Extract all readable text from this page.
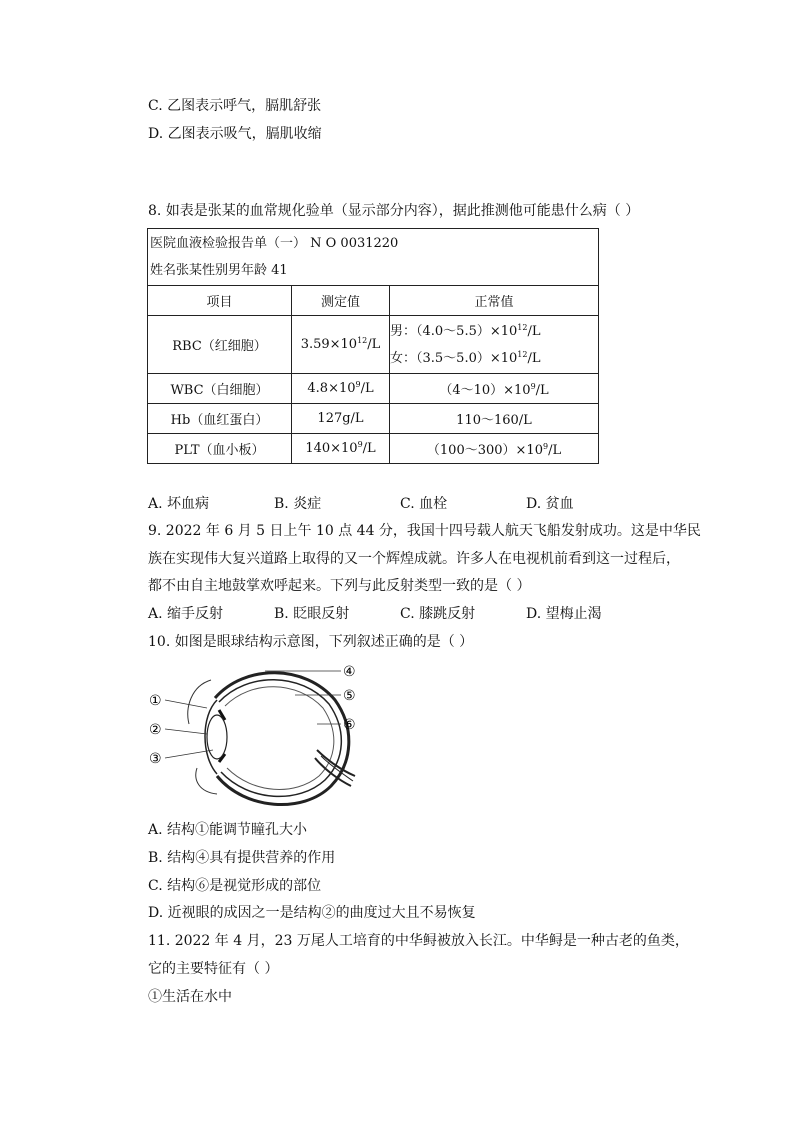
C. 乙图表示呼气，膈肌舒张
D. 乙图表示吸气，膈肌收缩
8. 如表是张某的血常规化验单（显示部分内容），据此推测他可能患什么病（ ）
医院血液检验报告单（一） N O 0031220
姓名张某性别男年龄 41		

项目	测定值	正常值
RBC（红细胞）	$3.59\times 10^{12}/L$	男：$(4.0\sim 5.5)\times 10^{12}/L$
女：$(3.5\sim 5.0)\times 10^{12}/L$

WBC（白细胞）	$4.8\times 10^9/L$	$(4\sim 10)\times 10^9/L$
Hb（血红蛋白）	127g/L	110～160/L
PLT（血小板）	$140\times 10^9/L$	$(100\sim 300)\times 10^9/L$
A. 坏血病	B. 炎症	C. 血栓	D. 贫血
9. 2022 年 6 月 5 日上午 10 点 44 分，我国十四号载人航天飞船发射成功。这是中华民
族在实现伟大复兴道路上取得的又一个辉煌成就。许多人在电视机前看到这一过程后，
都不由自主地鼓掌欢呼起来。下列与此反射类型一致的是（ ）
A. 缩手反射	B. 眨眼反射	C. 膝跳反射	D. 望梅止渴
10. 如图是眼球结构示意图，下列叙述正确的是（ ）
①
②
③
④
⑤
⑥
A. 结构①能调节瞳孔大小
B. 结构④具有提供营养的作用
C. 结构⑥是视觉形成的部位
D. 近视眼的成因之一是结构②的曲度过大且不易恢复
11. 2022 年 4 月，23 万尾人工培育的中华鲟被放入长江。中华鲟是一种古老的鱼类，
它的主要特征有（ ）
①生活在水中
